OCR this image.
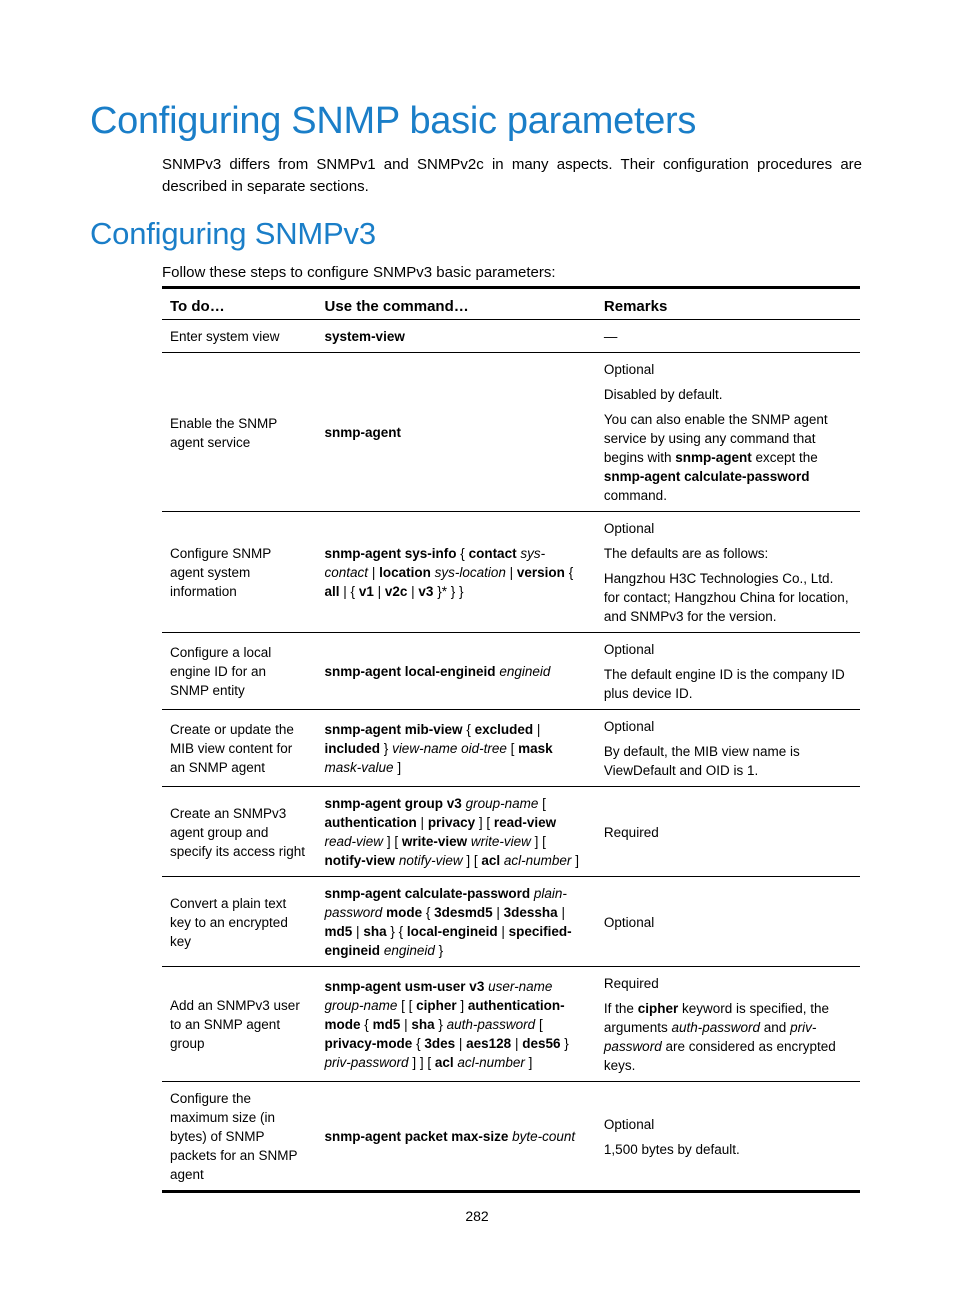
Configuring SNMP basic parameters

SNMPv3 differs from SNMPv1 and SNMPv2c in many aspects. Their configuration procedures are described in separate sections.

Configuring SNMPv3

Follow these steps to configure SNMPv3 basic parameters:

To do…	Use the command…	Remarks
Enter system view	system-view	—

Enable the SNMP agent service	snmp-agent	Optional

Disabled by default.

You can also enable the SNMP agent service by using any command that begins with snmp-agent except the snmp-agent calculate-password command.

Configure SNMP agent system information	snmp-agent sys-info { contact sys-contact | location sys-location | version { all | { v1 | v2c | v3 }* } }	Optional

The defaults are as follows:

Hangzhou H3C Technologies Co., Ltd. for contact; Hangzhou China for location, and SNMPv3 for the version.

Configure a local engine ID for an SNMP entity	snmp-agent local-engineid engineid	Optional

The default engine ID is the company ID plus device ID.

Create or update the MIB view content for an SNMP agent	snmp-agent mib-view { excluded | included } view-name oid-tree [ mask mask-value ]	Optional

By default, the MIB view name is ViewDefault and OID is 1.

Create an SNMPv3 agent group and specify its access right	snmp-agent group v3 group-name [ authentication | privacy ] [ read-view read-view ] [ write-view write-view ] [ notify-view notify-view ] [ acl acl-number ]	Required

Convert a plain text key to an encrypted key	snmp-agent calculate-password plain-password mode { 3desmd5 | 3dessha | md5 | sha } { local-engineid | specified-engineid engineid }	Optional

Add an SNMPv3 user to an SNMP agent group	snmp-agent usm-user v3 user-name group-name [ [ cipher ] authentication-mode { md5 | sha } auth-password [ privacy-mode { 3des | aes128 | des56 } priv-password ] ] [ acl acl-number ]	Required

If the cipher keyword is specified, the arguments auth-password and priv-password are considered as encrypted keys.

Configure the maximum size (in bytes) of SNMP packets for an SNMP agent	snmp-agent packet max-size byte-count	Optional

1,500 bytes by default.

282
